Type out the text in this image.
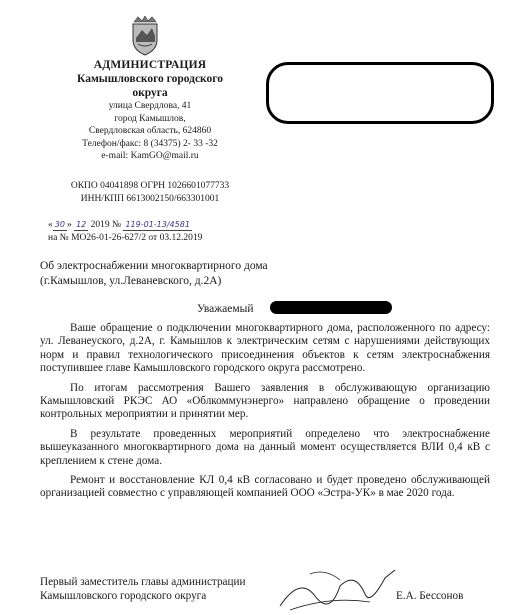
АДМИНИСТРАЦИЯ
Камышловского городского
округа
улица Свердлова, 41
город Камышлов,
Свердловская область, 624860
Телефон/факс: 8 (34375) 2- 33 -32
e-mail: KamGO@mail.ru
ОКПО 04041898 ОГРН 1026601077733
ИНН/КПП 6613002150/663301001
« 30 » 12 2019 № 119-01-13/4581
на № МО26-01-26-627/2 от 03.12.2019
Об электроснабжении многоквартирного дома
(г.Камышлов, ул.Леваневского, д.2А)
Уважаемый

Ваше обращение о подключении многоквартирного дома, расположенного по адресу: ул. Леванеуского, д.2А, г. Камышлов к электрическим сетям с нарушениями действующих норм и правил технологического присоединения объектов к сетям электроснабжения поступившее главе Камышловского городского округа рассмотрено.

По итогам рассмотрения Вашего заявления в обслуживающую организацию Камышловский РКЭС АО «Облкоммунэнерго» направлено обращение о проведении контрольных мероприятии и принятии мер.

В результате проведенных мероприятий определено что электроснабжение вышеуказанного многоквартирного дома на данный момент осуществляется ВЛИ 0,4 кВ с креплением к стене дома.

Ремонт и восстановление КЛ 0,4 кВ согласовано и будет проведено обслуживающей организацией совместно с управляющей компанией ООО «Эстра-УК» в мае 2020 года.

Первый заместитель главы администрации
Камышловского городского округа	Е.А. Бессонов
